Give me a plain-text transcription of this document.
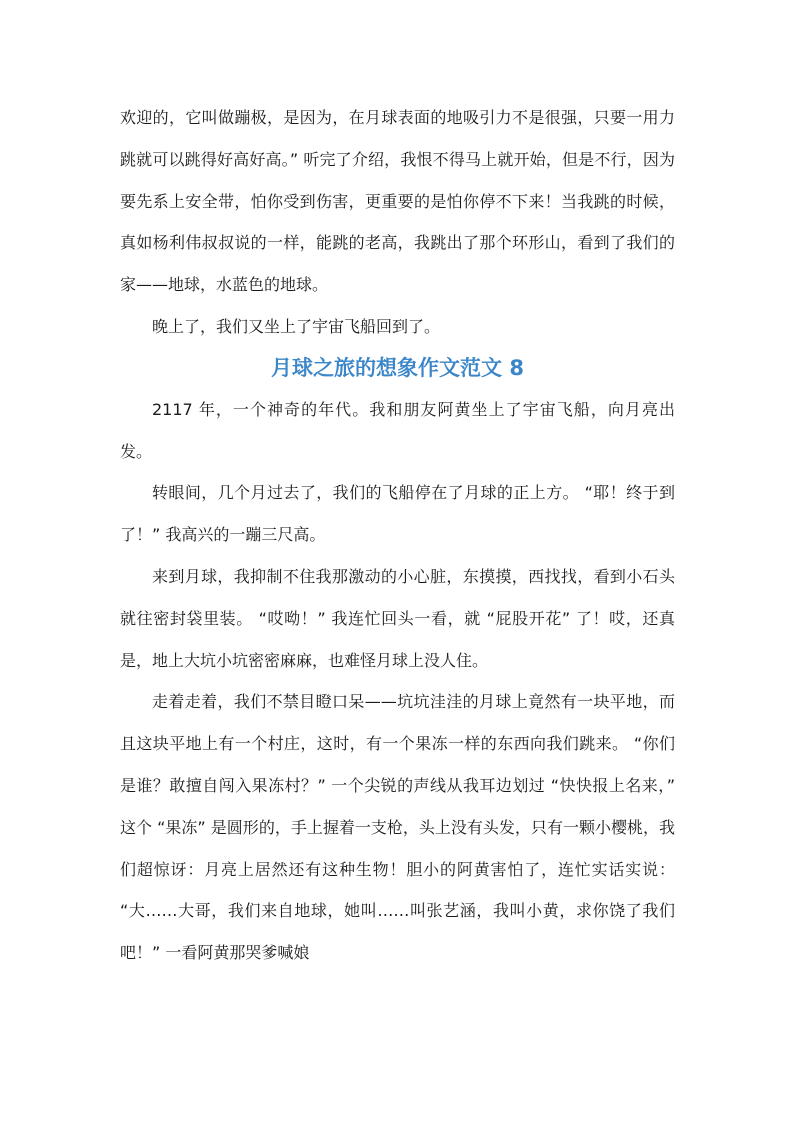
欢迎的，它叫做蹦极，是因为，在月球表面的地吸引力不是很强，只要一用力跳就可以跳得好高好高。” 听完了介绍，我恨不得马上就开始，但是不行，因为要先系上安全带，怕你受到伤害，更重要的是怕你停不下来！当我跳的时候，真如杨利伟叔叔说的一样，能跳的老高，我跳出了那个环形山，看到了我们的家——地球，水蓝色的地球。

晚上了，我们又坐上了宇宙飞船回到了。

月球之旅的想象作文范文 8

2117 年，一个神奇的年代。我和朋友阿黄坐上了宇宙飞船，向月亮出发。

转眼间，几个月过去了，我们的飞船停在了月球的正上方。 “耶！终于到了！” 我高兴的一蹦三尺高。

来到月球，我抑制不住我那激动的小心脏，东摸摸，西找找，看到小石头就往密封袋里装。 “哎呦！” 我连忙回头一看，就 “屁股开花” 了！哎，还真是，地上大坑小坑密密麻麻，也难怪月球上没人住。

走着走着，我们不禁目瞪口呆——坑坑洼洼的月球上竟然有一块平地，而且这块平地上有一个村庄，这时，有一个果冻一样的东西向我们跳来。 “你们是谁？敢擅自闯入果冻村？” 一个尖锐的声线从我耳边划过 “快快报上名来，” 这个 “果冻” 是圆形的，手上握着一支枪，头上没有头发，只有一颗小樱桃，我们超惊讶：月亮上居然还有这种生物！胆小的阿黄害怕了，连忙实话实说： “大……大哥，我们来自地球，她叫……叫张艺涵，我叫小黄，求你饶了我们吧！” 一看阿黄那哭爹喊娘
